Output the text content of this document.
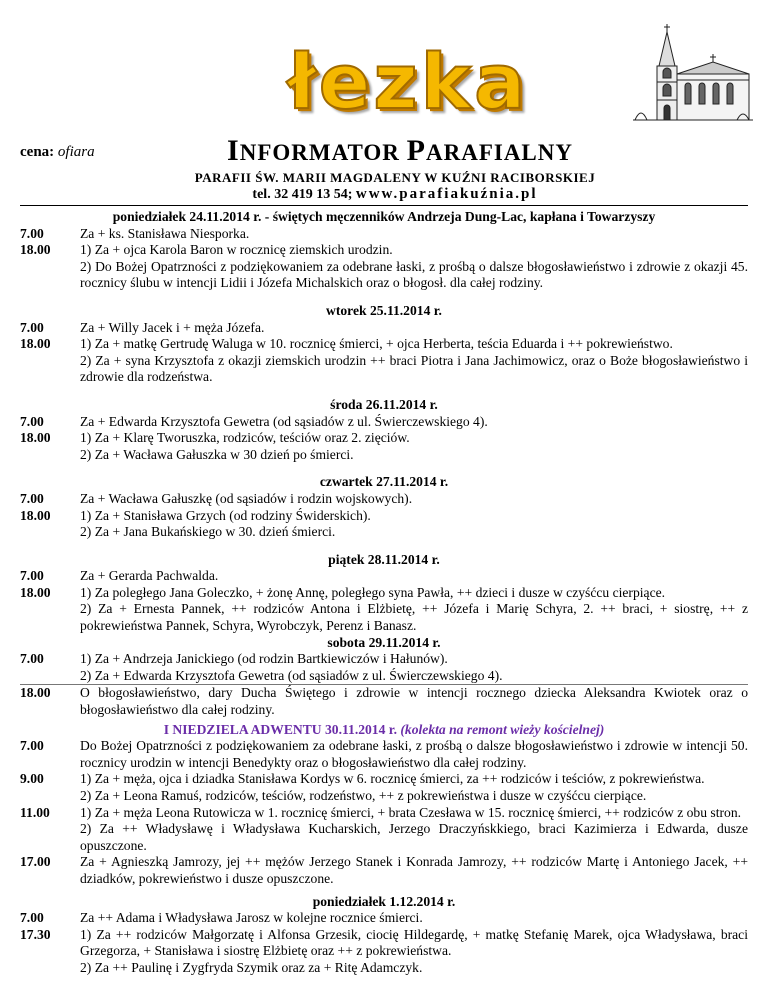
łezka
cena: ofiara	INFORMATOR PARAFIALNY
PARAFII ŚW. MARII MAGDALENY W KUŹNI RACIBORSKIEJ
tel. 32 419 13 54; www.parafiakuźnia.pl
poniedziałek 24.11.2014 r. - świętych męczenników Andrzeja Dung-Lac, kapłana i Towarzyszy
7.00	Za + ks. Stanisława Niesporka.
18.00	1) Za + ojca Karola Baron w rocznicę ziemskich urodzin.
2) Do Bożej Opatrzności z podziękowaniem za odebrane łaski, z prośbą o dalsze błogosławieństwo i zdrowie z okazji 45. rocznicy ślubu w intencji Lidii i Józefa Michalskich oraz o błogosł. dla całej rodziny.
wtorek 25.11.2014 r.
7.00	Za + Willy Jacek i + męża Józefa.
18.00	1) Za + matkę Gertrudę Waluga w 10. rocznicę śmierci, + ojca Herberta, teścia Eduarda i ++ pokrewieństwo.
2) Za + syna Krzysztofa z okazji ziemskich urodzin ++ braci Piotra i Jana Jachimowicz, oraz o Boże błogosławieństwo i zdrowie dla rodzeństwa.
środa 26.11.2014 r.
7.00	Za + Edwarda Krzysztofa Gewetra (od sąsiadów z ul. Świerczewskiego 4).
18.00	1) Za + Klarę Tworuszka, rodziców, teściów oraz 2. zięciów.
2) Za + Wacława Gałuszka w 30 dzień po śmierci.
czwartek 27.11.2014 r.
7.00	Za + Wacława Gałuszkę (od sąsiadów i rodzin wojskowych).
18.00	1) Za + Stanisława Grzych (od rodziny Świderskich).
2) Za + Jana Bukańskiego w 30. dzień śmierci.
piątek 28.11.2014 r.
7.00	Za + Gerarda Pachwalda.
18.00	1) Za poległego Jana Goleczko, + żonę Annę, poległego syna Pawła, ++ dzieci i dusze w czyśćcu cierpiące.
2) Za + Ernesta Pannek, ++ rodziców Antona i Elżbietę, ++ Józefa i Marię Schyra, 2. ++ braci, + siostrę, ++ z pokrewieństwa Pannek, Schyra, Wyrobczyk, Perenz i Banasz.
sobota 29.11.2014 r.
7.00	1) Za + Andrzeja Janickiego (od rodzin Bartkiewiczów i Hałunów).
2) Za + Edwarda Krzysztofa Gewetra (od sąsiadów z ul. Świerczewskiego 4).
18.00	O błogosławieństwo, dary Ducha Świętego i zdrowie w intencji rocznego dziecka Aleksandra Kwiotek oraz o błogosławieństwo dla całej rodziny.
I NIEDZIELA ADWENTU 30.11.2014 r. (kolekta na remont wieży kościelnej)
7.00	Do Bożej Opatrzności z podziękowaniem za odebrane łaski, z prośbą o dalsze błogosławieństwo i zdrowie w intencji 50. rocznicy urodzin w intencji Benedykty oraz o błogosławieństwo dla całej rodziny.
9.00	1) Za + męża, ojca i dziadka Stanisława Kordys w 6. rocznicę śmierci, za ++ rodziców i teściów, z pokrewieństwa.
2) Za + Leona Ramuś, rodziców, teściów, rodzeństwo, ++ z pokrewieństwa i dusze w czyśćcu cierpiące.
11.00	1) Za + męża Leona Rutowicza w 1. rocznicę śmierci, + brata Czesława w 15. rocznicę śmierci, ++ rodziców z obu stron.
2) Za ++ Władysławę i Władysława Kucharskich, Jerzego Draczyńskkiego, braci Kazimierza i Edwarda, dusze opuszczone.
17.00	Za + Agnieszką Jamrozy, jej ++ mężów Jerzego Stanek i Konrada Jamrozy, ++ rodziców Martę i Antoniego Jacek, ++ dziadków, pokrewieństwo i dusze opuszczone.
poniedziałek 1.12.2014 r.
7.00	Za ++ Adama i Władysława Jarosz w kolejne rocznice śmierci.
17.30	1) Za ++ rodziców Małgorzatę i Alfonsa Grzesik, ciocię Hildegardę, + matkę Stefanię Marek, ojca Władysława, braci Grzegorza, + Stanisława i siostrę Elżbietę oraz ++ z pokrewieństwa.
2) Za ++ Paulinę i Zygfryda Szymik oraz za + Ritę Adamczyk.
